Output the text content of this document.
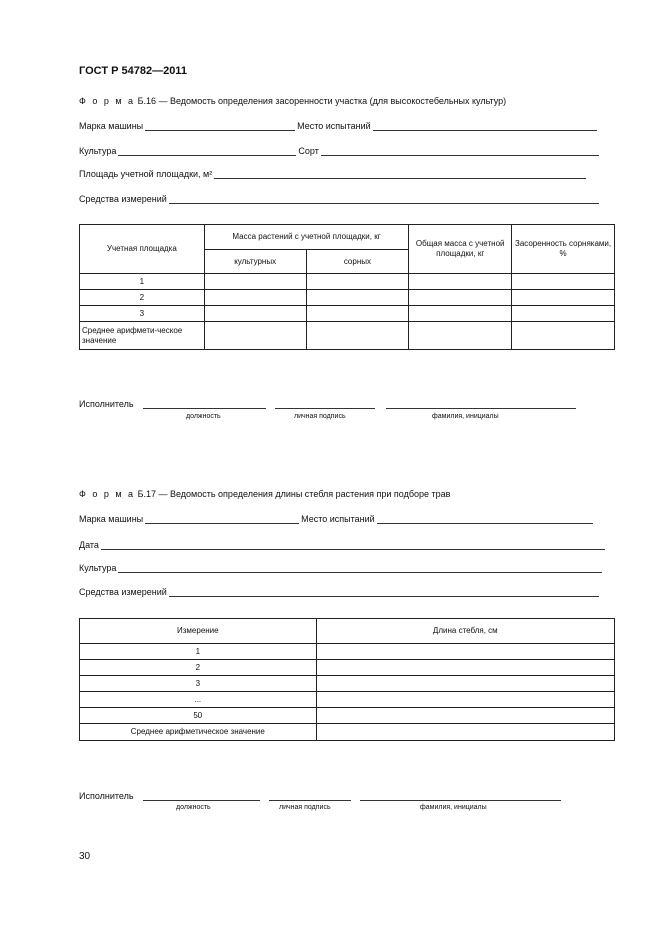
ГОСТ Р 54782—2011
Ф о р м а Б.16 — Ведомость определения засоренности участка (для высокостебельных культур)
Марка машины	Место испытаний
Культура	Сорт
Площадь учетной площадки, м²
Средства измерений
Учетная площадка	Масса растений с учетной площадки, кг		Общая масса с учетной площадки, кг	Засоренность сорняками, %
	культурных	сорных		
1				
2				
3				
Среднее арифмети-ческое значение				
Исполнитель
должность	личная подпись	фамилия, инициалы
Ф о р м а Б.17 — Ведомость определения длины стебля растения при подборе трав
Марка машины	Место испытаний
Дата
Культура
Средства измерений
Измерение	Длина стебля, см
1	
2	
3	
...	
50	
Среднее арифметическое значение	
Исполнитель
должность	личная подпись	фамилия, инициалы
30
